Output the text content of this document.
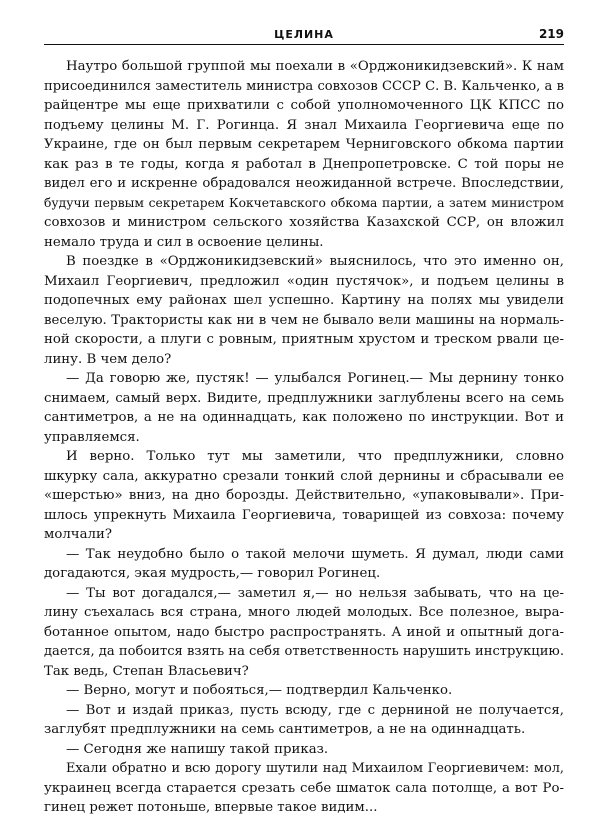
ЦЕЛИНА	219
Наутро большой группой мы поехали в «Орджоникидзевский». К нам
присоединился заместитель министра совхозов СССР С. В. Кальченко, а в
райцентре мы еще прихватили с собой уполномоченного ЦК КПСС по
подъему целины М. Г. Рогинца. Я знал Михаила Георгиевича еще по
Украине, где он был первым секретарем Черниговского обкома партии
как раз в те годы, когда я работал в Днепропетровске. С той поры не
видел его и искренне обрадовался неожиданной встрече. Впоследствии,
будучи первым секретарем Кокчетавского обкома партии, а затем министром
совхозов и министром сельского хозяйства Казахской ССР, он вложил
немало труда и сил в освоение целины.
В поездке в «Орджоникидзевский» выяснилось, что это именно он,
Михаил Георгиевич, предложил «один пустячок», и подъем целины в
подопечных ему районах шел успешно. Картину на полях мы увидели
веселую. Трактористы как ни в чем не бывало вели машины на нормаль-
ной скорости, а плуги с ровным, приятным хрустом и треском рвали це-
лину. В чем дело?
— Да говорю же, пустяк! — улыбался Рогинец.— Мы дернину тонко
снимаем, самый верх. Видите, предплужники заглублены всего на семь
сантиметров, а не на одиннадцать, как положено по инструкции. Вот и
управляемся.
И верно. Только тут мы заметили, что предплужники, словно
шкурку сала, аккуратно срезали тонкий слой дернины и сбрасывали ее
«шерстью» вниз, на дно борозды. Действительно, «упаковывали». При-
шлось упрекнуть Михаила Георгиевича, товарищей из совхоза: почему
молчали?
— Так неудобно было о такой мелочи шуметь. Я думал, люди сами
догадаются, экая мудрость,— говорил Рогинец.
— Ты вот догадался,— заметил я,— но нельзя забывать, что на це-
лину съехалась вся страна, много людей молодых. Все полезное, выра-
ботанное опытом, надо быстро распространять. А иной и опытный дога-
дается, да побоится взять на себя ответственность нарушить инструкцию.
Так ведь, Степан Власьевич?
— Верно, могут и побояться,— подтвердил Кальченко.
— Вот и издай приказ, пусть всюду, где с дерниной не получается,
заглубят предплужники на семь сантиметров, а не на одиннадцать.
— Сегодня же напишу такой приказ.
Ехали обратно и всю дорогу шутили над Михаилом Георгиевичем: мол,
украинец всегда старается срезать себе шматок сала потолще, а вот Ро-
гинец режет потоньше, впервые такое видим...
